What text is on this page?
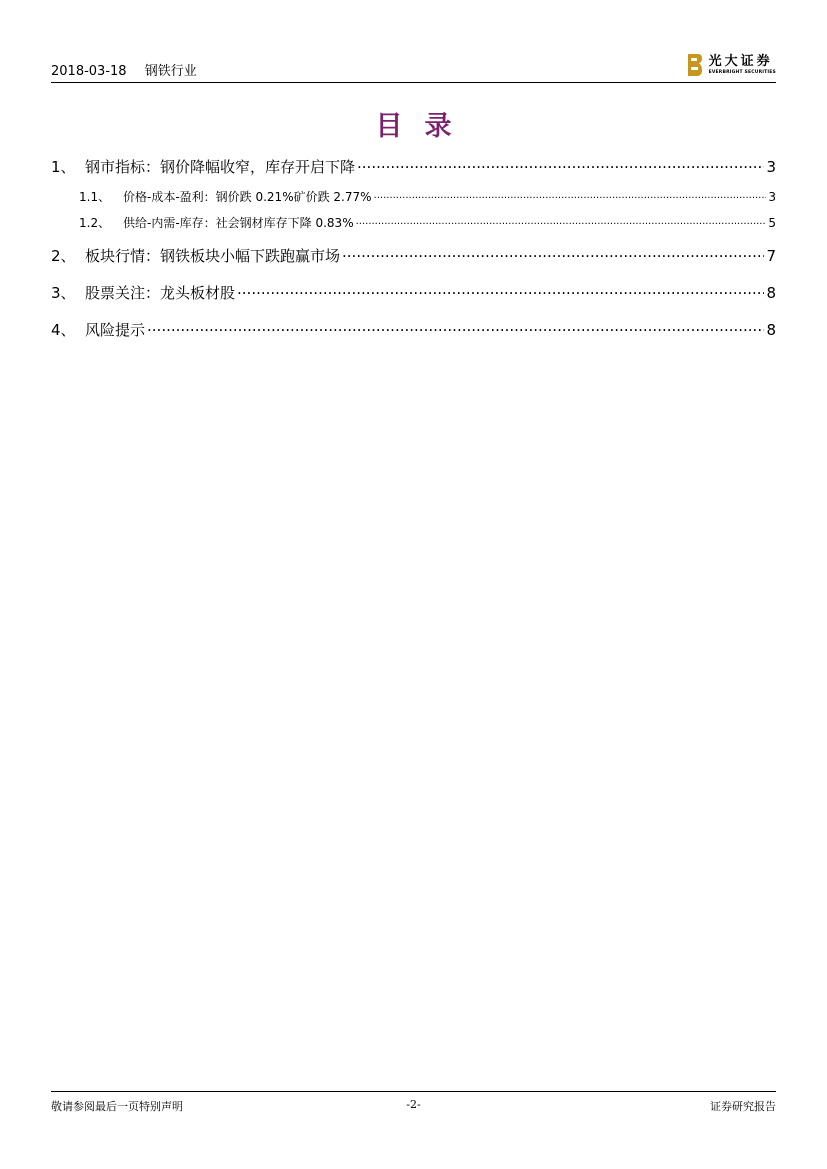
2018-03-18 钢铁行业
光大证券
EVERBRIGHT SECURITIES
目录
1、 钢市指标：钢价降幅收窄，库存开启下降 .....	3
1.1、	价格-成本-盈利：钢价跌 0.21%矿价跌 2.77% .....	3
1.2、	供给-内需-库存：社会钢材库存下降 0.83% .....	5
2、 板块行情：钢铁板块小幅下跌跑赢市场 .....	7
3、 股票关注：龙头板材股 .....	8
4、 风险提示 .....	8
敬请参阅最后一页特别声明	-2-	证券研究报告
